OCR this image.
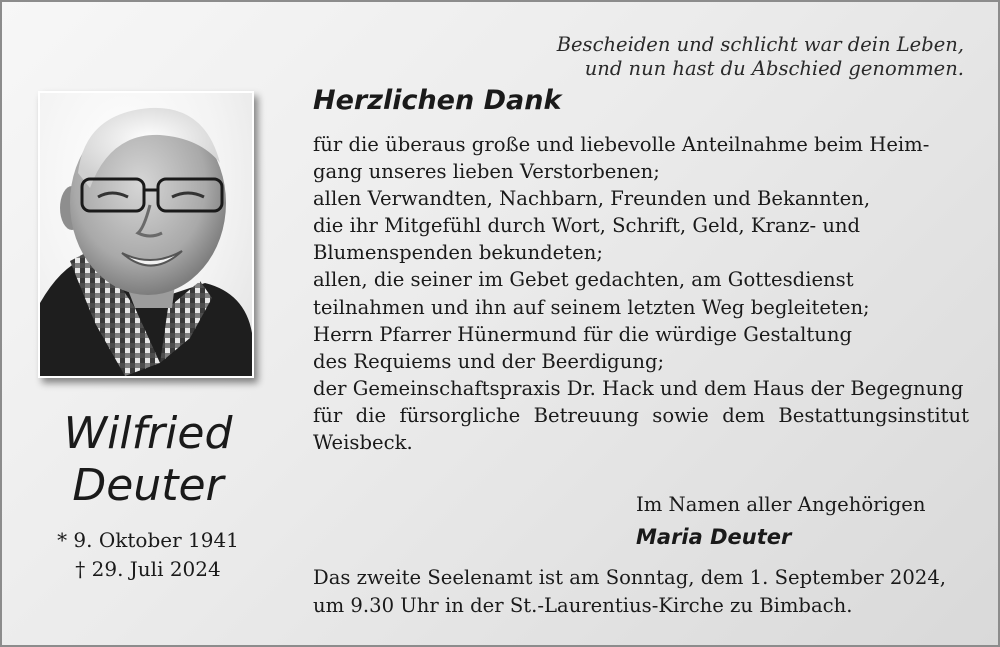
Bescheiden und schlicht war dein Leben,
und nun hast du Abschied genommen.
Wilfried
Deuter
* 9. Oktober 1941
† 29. Juli 2024
Herzlichen Dank
für die überaus große und liebevolle Anteilnahme beim Heim-
gang unseres lieben Verstorbenen;
allen Verwandten, Nachbarn, Freunden und Bekannten,
die ihr Mitgefühl durch Wort, Schrift, Geld, Kranz- und
Blumenspenden bekundeten;
allen, die seiner im Gebet gedachten, am Gottesdienst
teilnahmen und ihn auf seinem letzten Weg begleiteten;
Herrn Pfarrer Hünermund für die würdige Gestaltung
des Requiems und der Beerdigung;
der Gemeinschaftspraxis Dr. Hack und dem Haus der Begegnung
für die fürsorgliche Betreuung sowie dem Bestattungsinstitut
Weisbeck.
Im Namen aller Angehörigen
Maria Deuter
Das zweite Seelenamt ist am Sonntag, dem 1. September 2024,
um 9.30 Uhr in der St.-Laurentius-Kirche zu Bimbach.
